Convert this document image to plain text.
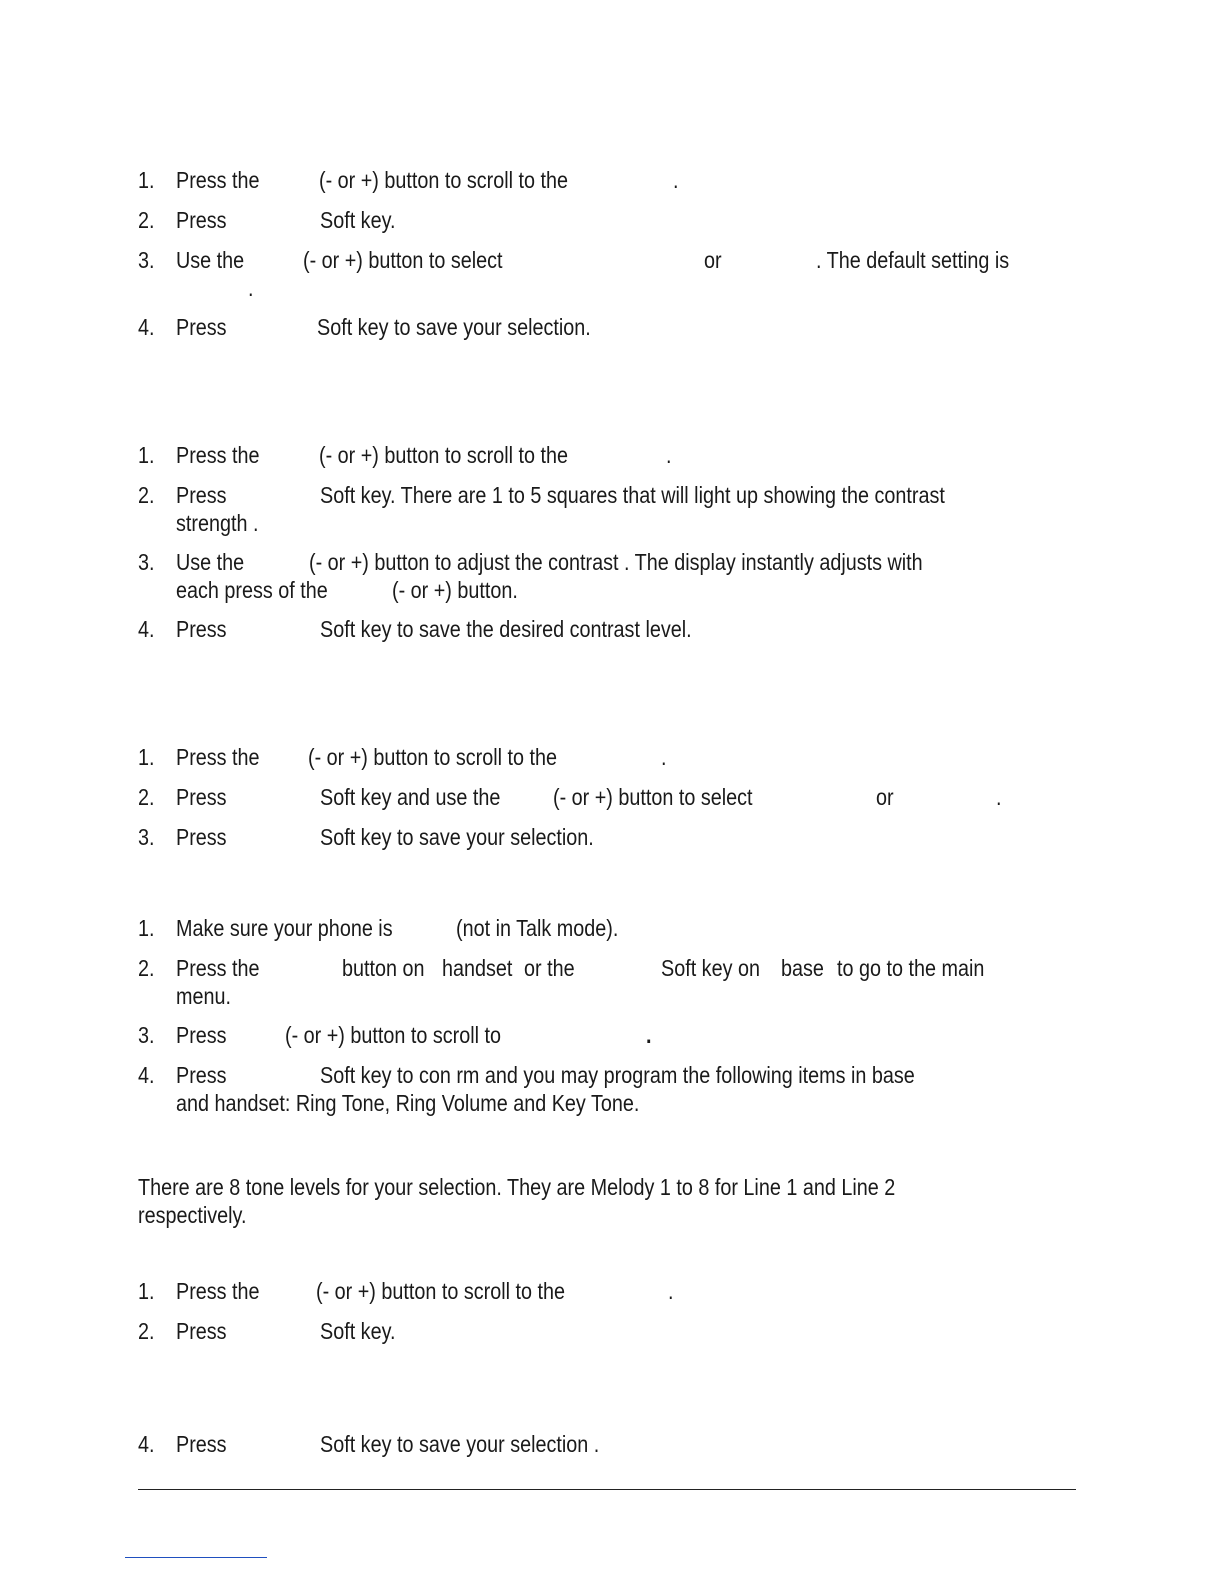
1. Press the	(- or +) button to scroll to the	.
2. Press	Soft key.
3. Use the	(- or +) button to select	or	. The default setting is
.
4. Press	Soft key to save your selection.
1. Press the	(- or +) button to scroll to the	.
2. Press	Soft key. There are 1 to 5 squares that will light up showing the contrast
strength .
3. Use the	(- or +) button to adjust the contrast . The display instantly adjusts with
each press of the	(- or +) button.
4. Press	Soft key to save the desired contrast level.
1. Press the (- or +) button to scroll to the	.
2. Press	Soft key and use the (- or +) button to select	or	.
3. Press	Soft key to save your selection.
1. Make sure your phone is	(not in Talk mode).
2. Press the	button on handset or the	Soft key on base to go to the main
menu.
3. Press	(- or +) button to scroll to	.
4. Press	Soft key to con rm and you may program the following items in base
and handset: Ring Tone, Ring Volume and Key Tone.
There are 8 tone levels for your selection. They are Melody 1 to 8 for Line 1 and Line 2
respectively.
1. Press the (- or +) button to scroll to the	.
2. Press	Soft key.
4. Press	Soft key to save your selection .
